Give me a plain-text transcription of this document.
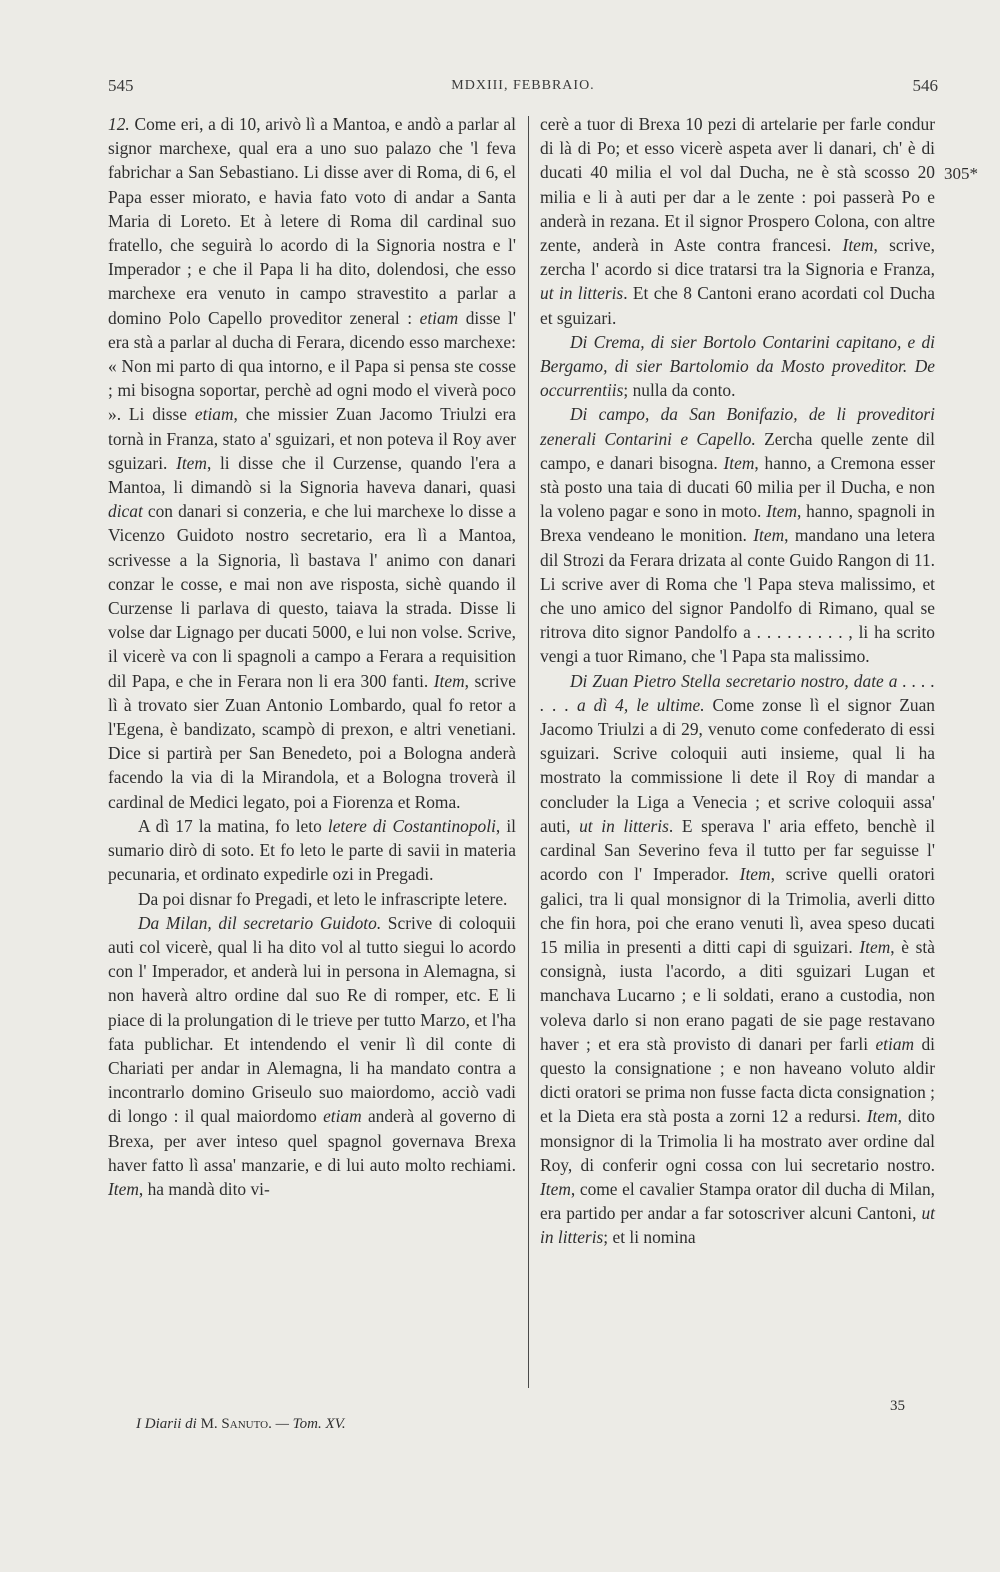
545	MDXIII, FEBBRAIO.	546

12. Come eri, a di 10, arivò lì a Mantoa, e andò a parlar al signor marchexe, qual era a uno suo palazo che 'l feva fabrichar a San Sebastiano. Li disse aver di Roma, di 6, el Papa esser miorato, e havia fato voto di andar a Santa Maria di Loreto. Et à letere di Roma dil cardinal suo fratello, che seguirà lo acordo di la Signoria nostra e l' Imperador ; e che il Papa li ha dito, dolendosi, che esso marchexe era venuto in campo stravestito a parlar a domino Polo Capello proveditor zeneral : etiam disse l' era stà a parlar al ducha di Ferara, dicendo esso marchexe: « Non mi parto di qua intorno, e il Papa si pensa ste cosse ; mi bisogna soportar, perchè ad ogni modo el viverà poco ». Li disse etiam, che missier Zuan Jacomo Triulzi era tornà in Franza, stato a' sguizari, et non poteva il Roy aver sguizari. Item, li disse che il Curzense, quando l'era a Mantoa, li dimandò si la Signoria haveva danari, quasi dicat con danari si conzeria, e che lui marchexe lo disse a Vicenzo Guidoto nostro secretario, era lì a Mantoa, scrivesse a la Signoria, lì bastava l' animo con danari conzar le cosse, e mai non ave risposta, sichè quando il Curzense li parlava di questo, taiava la strada. Disse li volse dar Lignago per ducati 5000, e lui non volse. Scrive, il vicerè va con li spagnoli a campo a Ferara a requisition dil Papa, e che in Ferara non li era 300 fanti. Item, scrive lì à trovato sier Zuan Antonio Lombardo, qual fo retor a l'Egena, è bandizato, scampò di prexon, e altri venetiani. Dice si partirà per San Benedeto, poi a Bologna anderà facendo la via di la Mirandola, et a Bologna troverà il cardinal de Medici legato, poi a Fiorenza et Roma.

A dì 17 la matina, fo leto letere di Costantinopoli, il sumario dirò di soto. Et fo leto le parte di savii in materia pecunaria, et ordinato expedirle ozi in Pregadi.

Da poi disnar fo Pregadi, et leto le infrascripte letere.

Da Milan, dil secretario Guidoto. Scrive di coloquii auti col vicerè, qual li ha dito vol al tutto siegui lo acordo con l' Imperador, et anderà lui in persona in Alemagna, si non haverà altro ordine dal suo Re di romper, etc. E li piace di la prolungation di le trieve per tutto Marzo, et l'ha fata publichar. Et intendendo el venir lì dil conte di Chariati per andar in Alemagna, li ha mandato contra a incontrarlo domino Griseulo suo maiordomo, acciò vadi di longo : il qual maiordomo etiam anderà al governo di Brexa, per aver inteso quel spagnol governava Brexa haver fatto lì assa' manzarie, e di lui auto molto rechiami. Item, ha mandà dito vi-

cerè a tuor di Brexa 10 pezi di artelarie per farle condur di là di Po; et esso vicerè aspeta aver li danari, ch' è di ducati 40 milia el vol dal Ducha, ne è stà scosso 20 milia e li à auti per dar a le zente : poi passerà Po e anderà in rezana. Et il signor Prospero Colona, con altre zente, anderà in Aste contra francesi. Item, scrive, zercha l' acordo si dice tratarsi tra la Signoria e Franza, ut in litteris. Et che 8 Cantoni erano acordati col Ducha et sguizari.

Di Crema, di sier Bortolo Contarini capitano, e di Bergamo, di sier Bartolomio da Mosto proveditor. De occurrentiis; nulla da conto.

Di campo, da San Bonifazio, de li proveditori zenerali Contarini e Capello. Zercha quelle zente dil campo, e danari bisogna. Item, hanno, a Cremona esser stà posto una taia di ducati 60 milia per il Ducha, e non la voleno pagar e sono in moto. Item, hanno, spagnoli in Brexa vendeano le monition. Item, mandano una letera dil Strozi da Ferara drizata al conte Guido Rangon di 11. Li scrive aver di Roma che 'l Papa steva malissimo, et che uno amico del signor Pandolfo di Rimano, qual se ritrova dito signor Pandolfo a . . . . . . . . . , li ha scrito vengi a tuor Rimano, che 'l Papa sta malissimo.

Di Zuan Pietro Stella secretario nostro, date a . . . . . . . a dì 4, le ultime. Come zonse lì el signor Zuan Jacomo Triulzi a di 29, venuto come confederato di essi sguizari. Scrive coloquii auti insieme, qual li ha mostrato la commissione li dete il Roy di mandar a concluder la Liga a Venecia ; et scrive coloquii assa' auti, ut in litteris. E sperava l' aria effeto, benchè il cardinal San Severino feva il tutto per far seguisse l' acordo con l' Imperador. Item, scrive quelli oratori galici, tra li qual monsignor di la Trimolia, averli ditto che fin hora, poi che erano venuti lì, avea speso ducati 15 milia in presenti a ditti capi di sguizari. Item, è stà consignà, iusta l'acordo, a diti sguizari Lugan et manchava Lucarno ; e li soldati, erano a custodia, non voleva darlo si non erano pagati de sie page restavano haver ; et era stà provisto di danari per farli etiam di questo la consignatione ; e non haveano voluto aldir dicti oratori se prima non fusse facta dicta consignation ; et la Dieta era stà posta a zorni 12 a redursi. Item, dito monsignor di la Trimolia li ha mostrato aver ordine dal Roy, di conferir ogni cossa con lui secretario nostro. Item, come el cavalier Stampa orator dil ducha di Milan, era partido per andar a far sotoscriver alcuni Cantoni, ut in litteris; et li nomina

305*
I Diarii di M. Sanuto. — Tom. XV.
35
